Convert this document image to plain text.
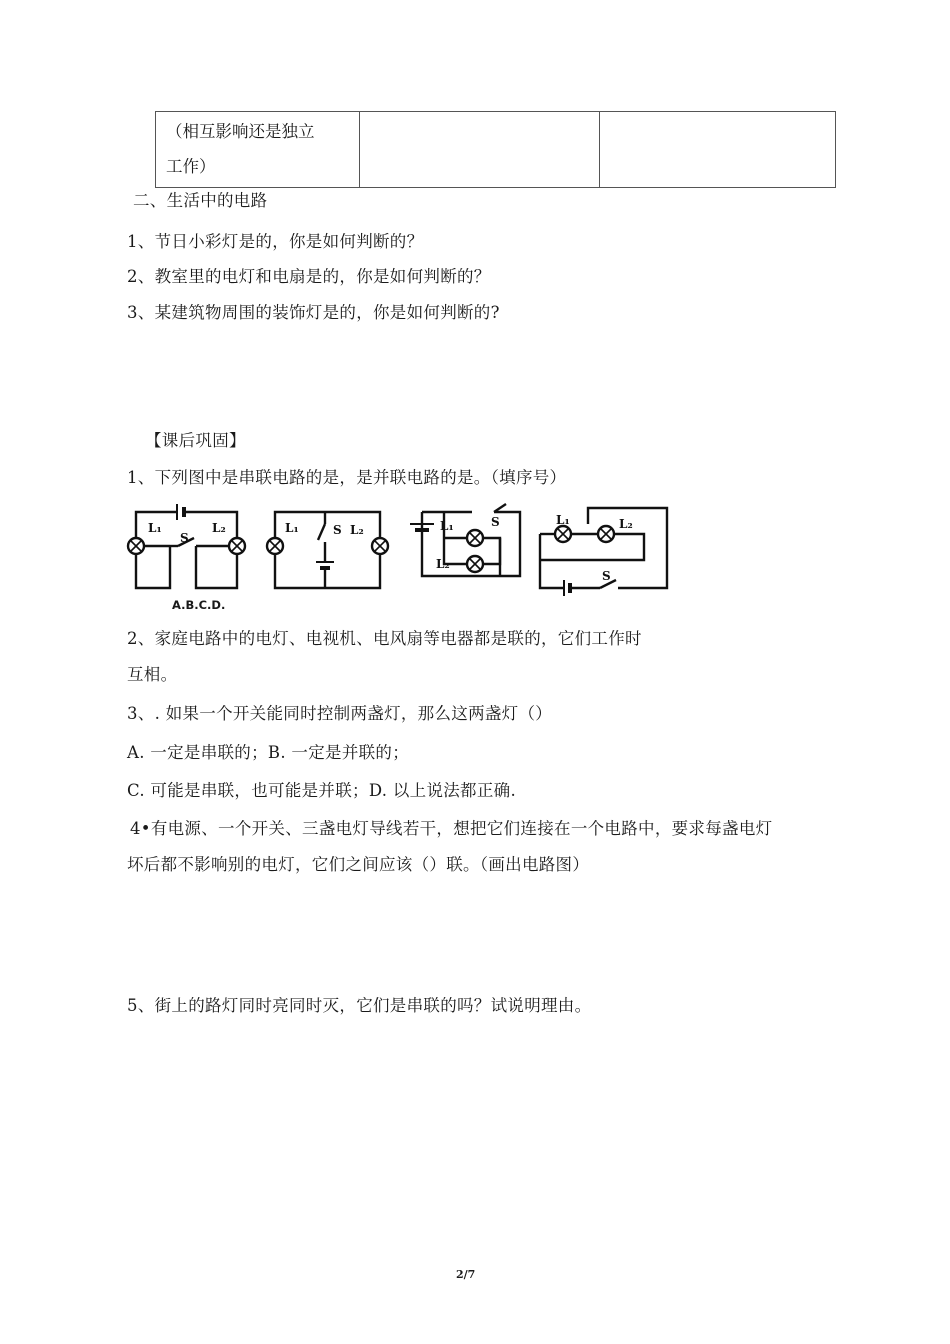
（相互影响还是独立
工作）

二、生活中的电路
1、节日小彩灯是的，你是如何判断的？
2、教室里的电灯和电扇是的，你是如何判断的？
3、某建筑物周围的装饰灯是的，你是如何判断的?
【课后巩固】
1、下列图中是串联电路的是，是并联电路的是。（填序号）
L₁
S
L₂	L₁	S L₂	L₁	S
L₂
L₁	L₂
S
A.B.C.D.
2、家庭电路中的电灯、电视机、电风扇等电器都是联的，它们工作时
互相。
3、. 如果一个开关能同时控制两盏灯，那么这两盏灯（）
A. 一定是串联的；B. 一定是并联的；
C. 可能是串联，也可能是并联；D. 以上说法都正确.
4•有电源、一个开关、三盏电灯导线若干，想把它们连接在一个电路中，要求每盏电灯
坏后都不影响别的电灯，它们之间应该（）联。（画出电路图）
5、街上的路灯同时亮同时灭，它们是串联的吗？试说明理由。
2/7
